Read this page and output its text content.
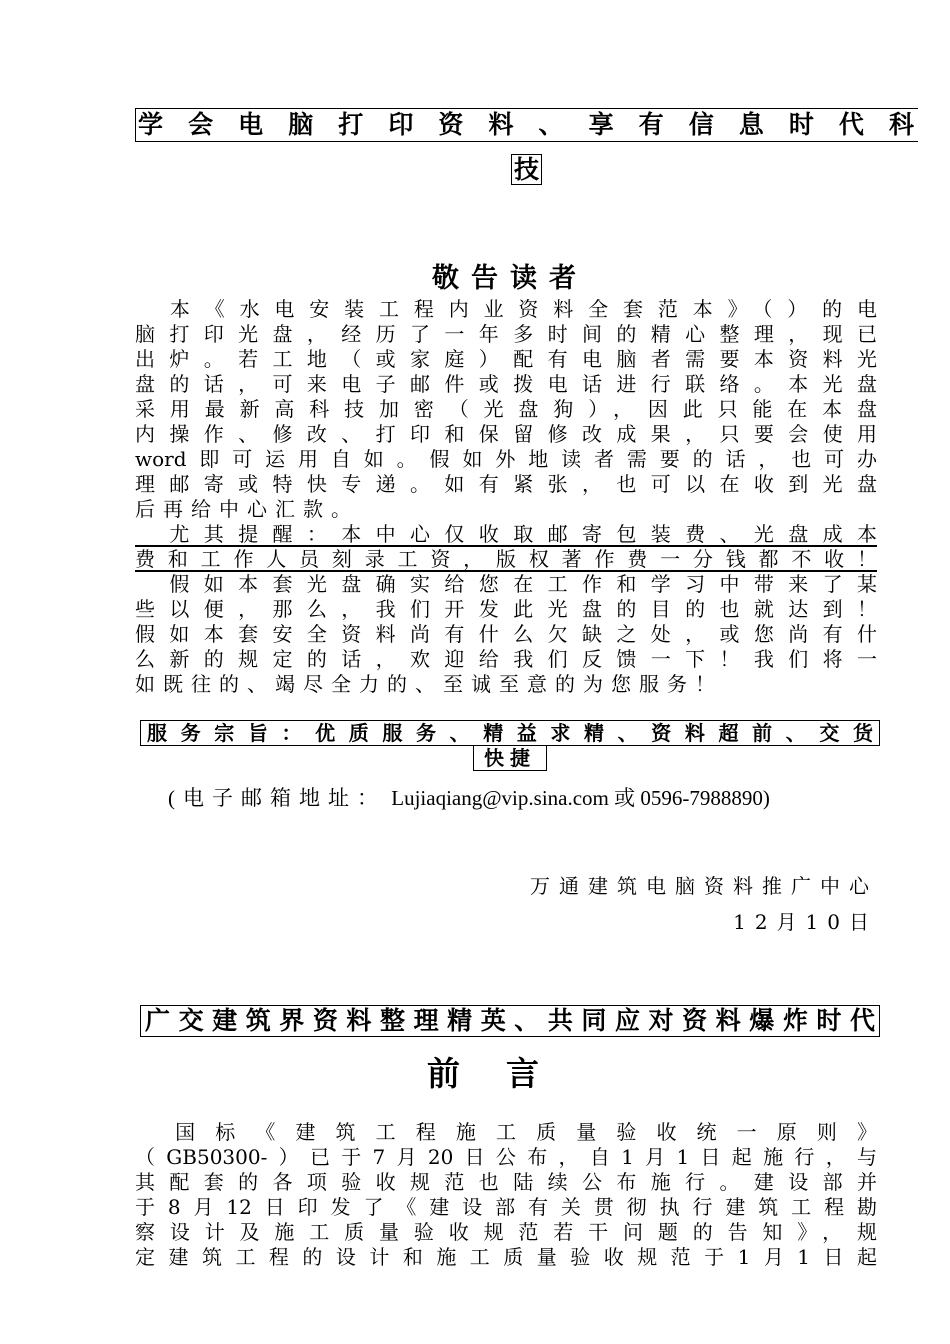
学会电脑打印资料、享有信息时代科
技
敬告读者
　本《水电安装工程内业资料全套范本》（）的电
脑打印光盘，经历了一年多时间的精心整理，现已
出炉。若工地（或家庭）配有电脑者需要本资料光
盘的话，可来电子邮件或拨电话进行联络。本光盘
采用最新高科技加密（光盘狗），因此只能在本盘
内操作、修改、打印和保留修改成果，只要会使用
word即可运用自如。假如外地读者需要的话，也可办
理邮寄或特快专递。如有紧张，也可以在收到光盘
后再给中心汇款。
　尤其提醒：本中心仅收取邮寄包装费、光盘成本
费和工作人员刻录工资，版权著作费一分钱都不收！
　假如本套光盘确实给您在工作和学习中带来了某
些以便，那么，我们开发此光盘的目的也就达到！
假如本套安全资料尚有什么欠缺之处，或您尚有什
么新的规定的话，欢迎给我们反馈一下！我们将一
如既往的、竭尽全力的、至诚至意的为您服务！
服务宗旨：优质服务、精益求精、资料超前、交货
快捷
(电子邮箱地址： Lujiaqiang@vip.sina.com 或 0596-7988890)
万通建筑电脑资料推广中心
12月10日
广交建筑界资料整理精英、共同应对资料爆炸时代
前言
　国标《建筑工程施工质量验收统一原则》
（GB50300-）已于7月20日公布，自1月1日起施行，与
其配套的各项验收规范也陆续公布施行。建设部并
于8月12日印发了《建设部有关贯彻执行建筑工程勘
察设计及施工质量验收规范若干问题的告知》，规
定建筑工程的设计和施工质量验收规范于1月1日起
